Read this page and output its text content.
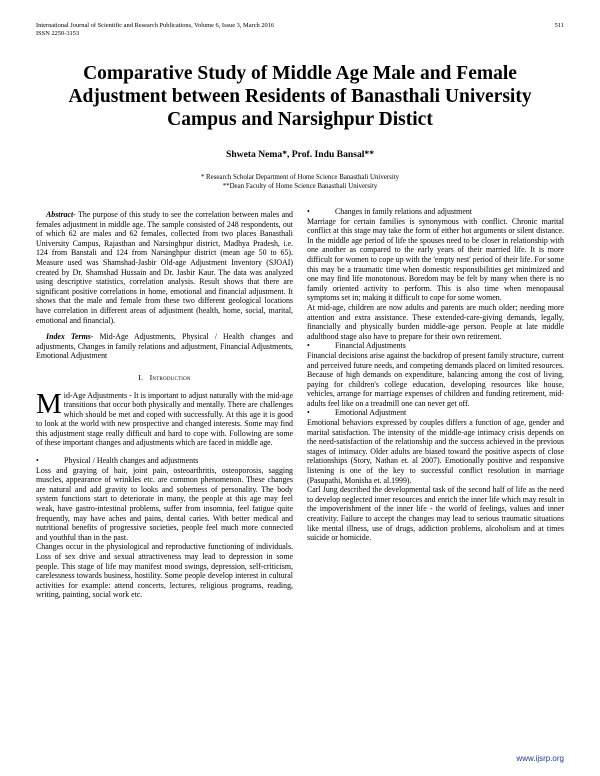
International Journal of Scientific and Research Publications, Volume 6, Issue 3, March 2016
ISSN 2250-3153
511
Comparative Study of Middle Age Male and Female Adjustment between Residents of Banasthali University Campus and Narsighpur Distict
Shweta Nema*, Prof. Indu Bansal**
* Research Scholar Department of Home Science Banasthali University
**Dean Faculty of Home Science Banasthali University

Abstract- The purpose of this study to see the correlation between males and females adjustment in middle age. The sample consisted of 248 respondents, out of which 62 are males and 62 females, collected from two places Banasthali University Campus, Rajasthan and Narsinghpur district, Madhya Pradesh, i.e. 124 from Banstali and 124 from Narsinghpur district (mean age 50 to 65). Measure used was Shamshad-Jasbir Old-age Adjustment Inventory (SJOAI) created by Dr. Shamshad Hussain and Dr. Jasbir Kaur. The data was analyzed using descriptive statistics, correlation analysis. Result shows that there are significant positive correlations in home, emotional and financial adjustment. It shows that the male and female from these two different geological locations have correlation in different areas of adjustment (health, home, social, marital, emotional and financial).

Index Terms- Mid-Age Adjustments, Physical / Health changes and adjustments, Changes in family relations and adjustment, Financial Adjustments, Emotional Adjustment

I. Introduction

Mid-Age Adjustments - It is important to adjust naturally with the mid-age transitions that occur both physically and mentally. There are challenges which should be met and coped with successfully. At this age it is good to look at the world with new prospective and changed interests. Some may find this adjustment stage really difficult and hard to cope with. Following are some of these important changes and adjustments which are faced in middle age.

•	Physical / Health changes and adjustments

Loss and graying of hair, joint pain, osteoarthritis, osteoporosis, sagging muscles, appearance of wrinkles etc. are common phenomenon. These changes are natural and add gravity to looks and soberness of personality. The body system functions start to deteriorate in many, the people at this age may feel weak, have gastro-intestinal problems, suffer from insomnia, feel fatigue quite frequently, may have aches and pains, dental caries. With better medical and nutritional benefits of progressive societies, people feel much more connected and youthful than in the past.

Changes occur in the physiological and reproductive functioning of individuals. Loss of sex drive and sexual attractiveness may lead to depression in some people. This stage of life may manifest mood swings, depression, self-criticism, carelessness towards business, hostility. Some people develop interest in cultural activities for example: attend concerts, lectures, religious programs, reading, writing, painting, social work etc.

•	Changes in family relations and adjustment

Marriage for certain families is synonymous with conflict. Chronic marital conflict at this stage may take the form of either hot arguments or silent distance. In the middle age period of life the spouses need to be closer in relationship with one another as compared to the early years of their married life. It is more difficult for women to cope up with the 'empty nest' period of their life. For some this may be a traumatic time when domestic responsibilities get minimized and one may find life monotonous. Boredom may be felt by many when there is no family oriented activity to perform. This is also time when menopausal symptoms set in; making it difficult to cope for some women.

At mid-age, children are now adults and parents are much older; needing more attention and extra assistance. These extended-care-giving demands, legally, financially and physically burden middle-age person. People at late middle adulthood stage also have to prepare for their own retirement.

•	Financial Adjustments

Financial decisions arise against the backdrop of present family structure, current and perceived future needs, and competing demands placed on limited resources. Because of high demands on expenditure, balancing among the cost of living, paying for children's college education, developing resources like house, vehicles, arrange for marriage expenses of children and funding retirement, mid-adults feel like on a treadmill one can never get off.

•	Emotional Adjustment

Emotional behaviors expressed by couples differs a function of age, gender and marital satisfaction. The intensity of the middle-age intimacy crisis depends on the need-satisfaction of the relationship and the success achieved in the previous stages of intimacy. Older adults are biased toward the positive aspects of close relationships (Story, Nathan et. al 2007). Emotionally positive and responsive listening is one of the key to successful conflict resolution in marriage (Pasupathi, Monisha et. al.1999).

Carl Jung described the developmental task of the second half of life as the need to develop neglected inner resources and enrich the inner life which may result in the impoverishment of the inner life - the world of feelings, values and inner creativity. Failure to accept the changes may lead to serious traumatic situations like mental illness, use of drugs, addiction problems, alcoholism and at times suicide or homicide.

www.ijsrp.org
